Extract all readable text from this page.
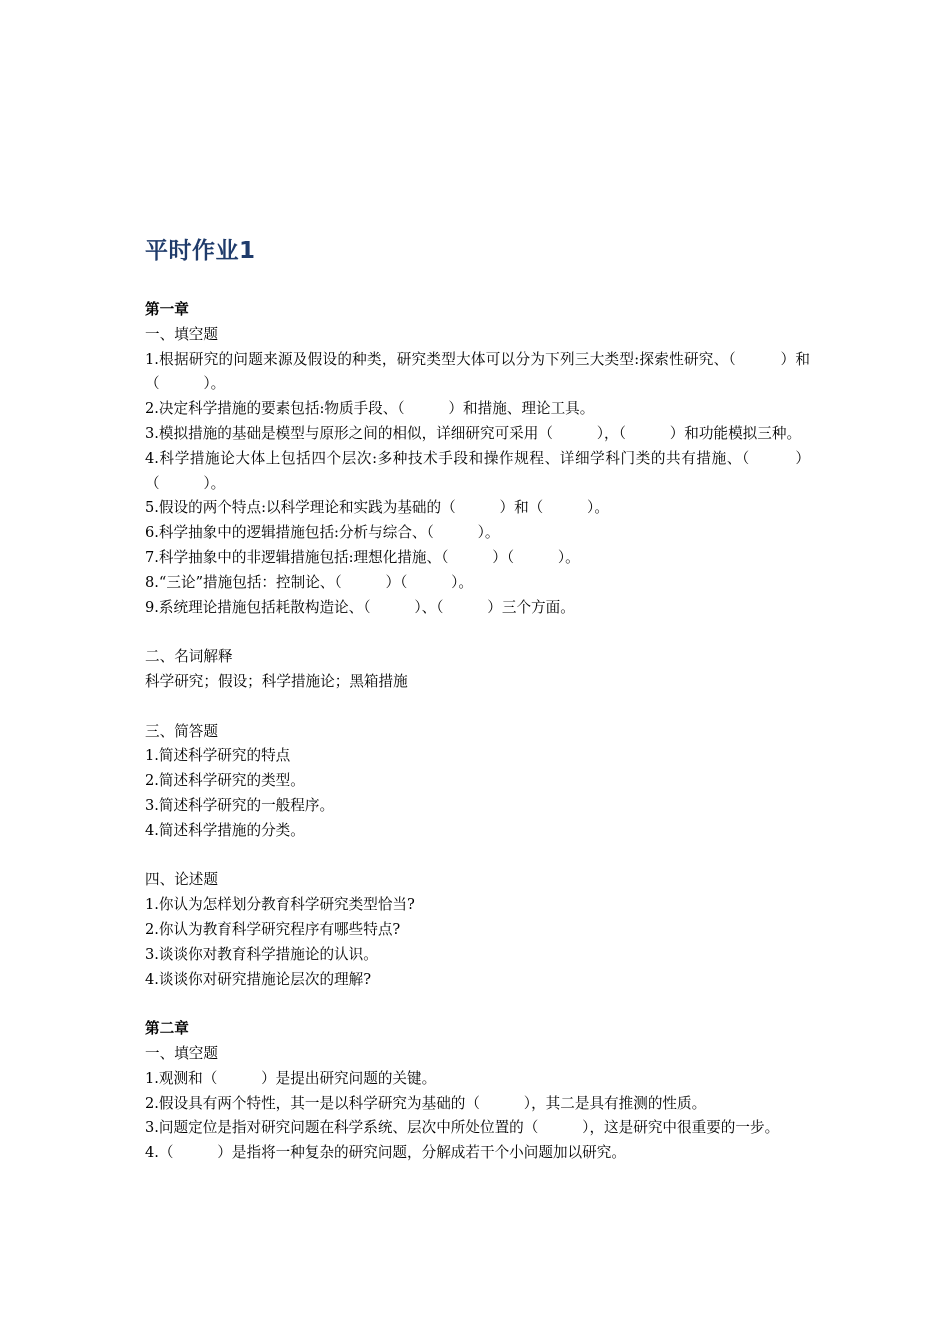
平时作业1

第一章

一、填空题

1.根据研究的问题来源及假设的种类，研究类型大体可以分为下列三大类型:探索性研究、（　　　）和（　　　）。

2.决定科学措施的要素包括:物质手段、（　　　）和措施、理论工具。

3.模拟措施的基础是模型与原形之间的相似，详细研究可采用（　　　），（　　　）和功能模拟三种。

4.科学措施论大体上包括四个层次:多种技术手段和操作规程、详细学科门类的共有措施、（　　　）（　　　）。

5.假设的两个特点:以科学理论和实践为基础的（　　　）和（　　　）。

6.科学抽象中的逻辑措施包括:分析与综合、（　　　）。

7.科学抽象中的非逻辑措施包括:理想化措施、（　　　）（　　　）。

8.“三论”措施包括：控制论、（　　　）（　　　）。

9.系统理论措施包括耗散构造论、（　　　）、（　　　）三个方面。

二、名词解释

科学研究；假设；科学措施论；黑箱措施

三、简答题

1.简述科学研究的特点

2.简述科学研究的类型。

3.简述科学研究的一般程序。

4.简述科学措施的分类。

四、论述题

1.你认为怎样划分教育科学研究类型恰当?

2.你认为教育科学研究程序有哪些特点?

3.谈谈你对教育科学措施论的认识。

4.谈谈你对研究措施论层次的理解?

第二章

一、填空题

1.观测和（　　　）是提出研究问题的关键。

2.假设具有两个特性，其一是以科学研究为基础的（　　　），其二是具有推测的性质。

3.问题定位是指对研究问题在科学系统、层次中所处位置的（　　　），这是研究中很重要的一步。

4.（　　　）是指将一种复杂的研究问题，分解成若干个小问题加以研究。
